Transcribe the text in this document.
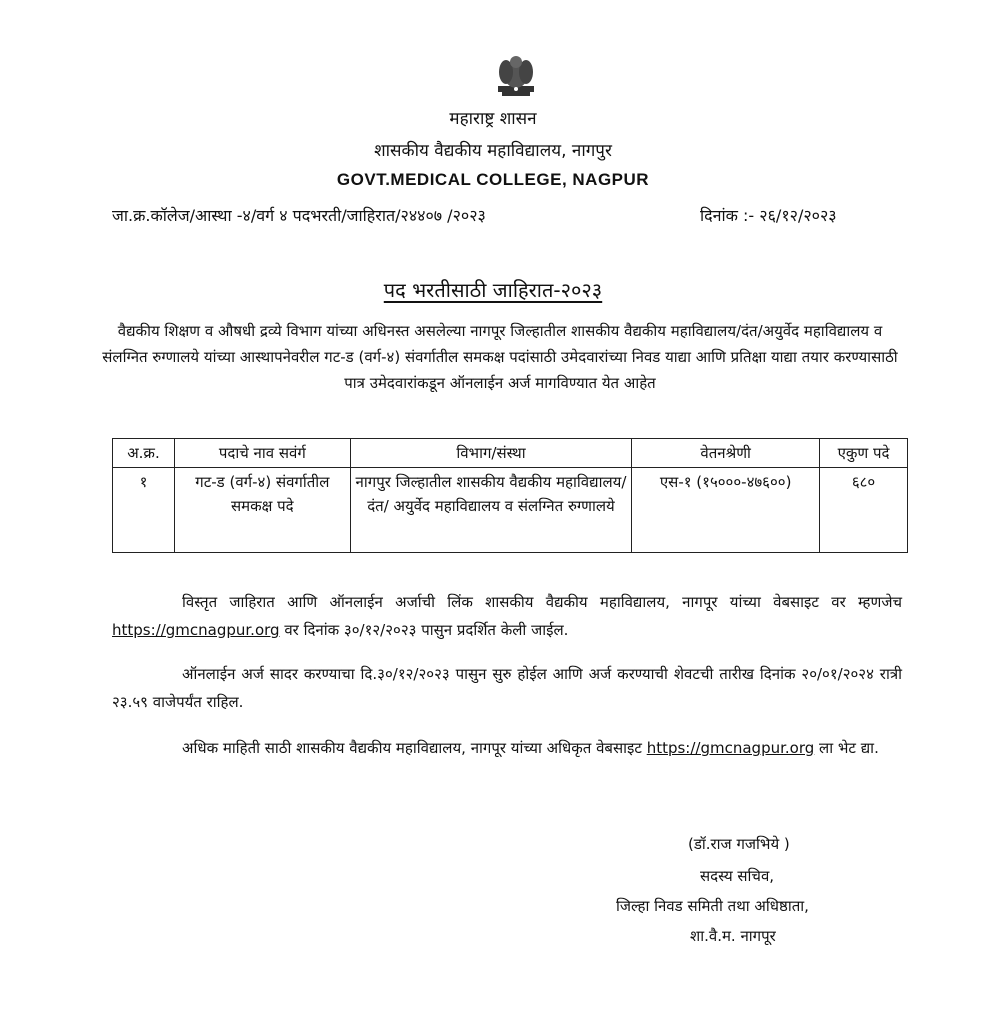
महाराष्ट्र शासन
शासकीय वैद्यकीय महाविद्यालय, नागपुर
GOVT.MEDICAL COLLEGE, NAGPUR
जा.क्र.कॉलेज/आस्था -४/वर्ग ४ पदभरती/जाहिरात/२४४०७ /२०२३	दिनांक :- २६/१२/२०२३
पद भरतीसाठी जाहिरात-२०२३
वैद्यकीय शिक्षण व औषधी द्रव्ये विभाग यांच्या अधिनस्त असलेल्या नागपूर जिल्हातील शासकीय वैद्यकीय महाविद्यालय/दंत/अयुर्वेद महाविद्यालय व संलग्नित रुग्णालये यांच्या आस्थापनेवरील गट-ड (वर्ग-४) संवर्गातील समकक्ष पदांसाठी उमेदवारांच्या निवड याद्या आणि प्रतिक्षा याद्या तयार करण्यासाठी पात्र उमेदवारांकडून ऑनलाईन अर्ज मागविण्यात येत आहेत
अ.क्र.	पदाचे नाव सवंर्ग	विभाग/संस्था	वेतनश्रेणी	एकुण पदे
१	गट-ड (वर्ग-४) संवर्गातील समकक्ष पदे	नागपुर जिल्हातील शासकीय वैद्यकीय महाविद्यालय/ दंत/ अयुर्वेद महाविद्यालय व संलग्नित रुग्णालये	एस-१ (१५०००-४७६००)	६८०
विस्तृत जाहिरात आणि ऑनलाईन अर्जाची लिंक शासकीय वैद्यकीय महाविद्यालय, नागपूर यांच्या वेबसाइट वर म्हणजेच https://gmcnagpur.org वर दिनांक ३०/१२/२०२३ पासुन प्रदर्शित केली जाईल.
ऑनलाईन अर्ज सादर करण्याचा दि.३०/१२/२०२३ पासुन सुरु होईल आणि अर्ज करण्याची शेवटची तारीख दिनांक २०/०१/२०२४ रात्री २३.५९ वाजेपर्यंत राहिल.
अधिक माहिती साठी शासकीय वैद्यकीय महाविद्यालय, नागपूर यांच्या अधिकृत वेबसाइट https://gmcnagpur.org ला भेट द्या.
(डॉ.राज गजभिये )
सदस्य सचिव,
जिल्हा निवड समिती तथा अधिष्ठाता,
शा.वै.म. नागपूर
